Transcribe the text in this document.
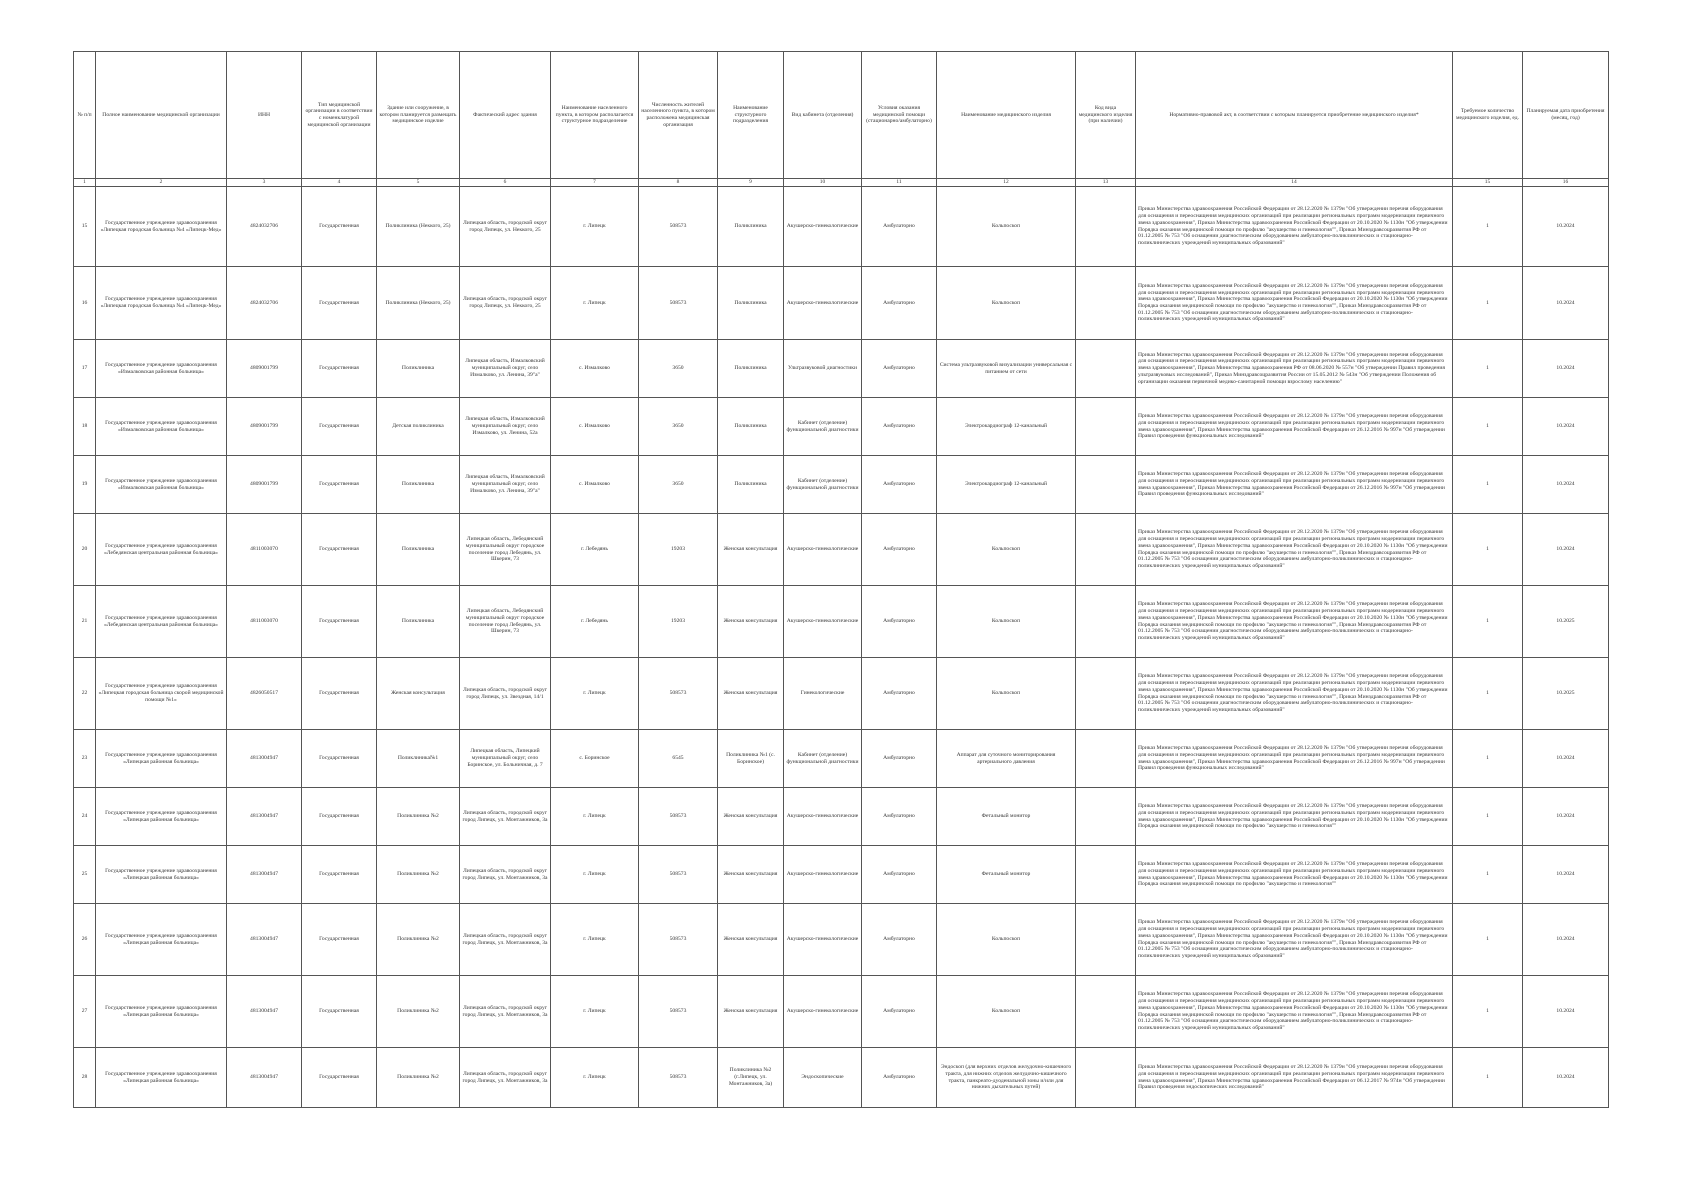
№ п/п	Полное наименование медицинской организации	ИНН	Тип медицинской организации в соответствии с номенклатурой медицинской организации	Здание или сооружение, в котором планируется размещать медицинское изделие	Фактический адрес здания	Наименование населенного пункта, в котором располагается структурное подразделение	Численность жителей населенного пункта, в котором расположена медицинская организация	Наименование структурного подразделения	Вид кабинета (отделения)	Условия оказания медицинской помощи (стационарно/амбулаторно)	Наименование медицинского изделия	Код вида медицинского изделия (при наличии)	Нормативно-правовой акт, в соответствии с которым планируется приобретение медицинского изделия*	Требуемое количество медицинского изделия, ед.	Планируемая дата приобретения (месяц, год)
1	2	3	4	5	6	7	8	9	10	11	12	13	14	15	16
15	Государственное учреждение здравоохранения «Липецкая городская больница №4 «Липецк-Мед»	4824032706	Государственная	Поликлиника (Неккого, 25)	Липецкая область, городской округ город Липецк, ул. Неккого, 25	г. Липецк	508573	Поликлиника	Акушерско-гинекологические	Амбулаторно	Кольпоскоп		Приказ Министерства здравоохранения Российской Федерации от 28.12.2020 № 1379н "Об утверждении перечня оборудования для оснащения и переоснащения медицинских организаций при реализации региональных программ модернизации первичного звена здравоохранения", Приказ Министерства здравоохранения Российской Федерации от 20.10.2020 № 1130н "Об утверждении Порядка оказания медицинской помощи по профилю "акушерство и гинекология"", Приказ Минздравсоцразвития РФ от 01.12.2005 № 753 "Об оснащении диагностическим оборудованием амбулаторно-поликлинических и стационарно-поликлинических учреждений муниципальных образований"	1	10.2024
16	Государственное учреждение здравоохранения «Липецкая городская больница №4 «Липецк-Мед»	4824032706	Государственная	Поликлиника (Неккого, 25)	Липецкая область, городской округ город Липецк, ул. Неккого, 25	г. Липецк	508573	Поликлиника	Акушерско-гинекологические	Амбулаторно	Кольпоскоп		Приказ Министерства здравоохранения Российской Федерации от 28.12.2020 № 1379н "Об утверждении перечня оборудования для оснащения и переоснащения медицинских организаций при реализации региональных программ модернизации первичного звена здравоохранения", Приказ Министерства здравоохранения Российской Федерации от 20.10.2020 № 1130н "Об утверждении Порядка оказания медицинской помощи по профилю "акушерство и гинекология"", Приказ Минздравсоцразвития РФ от 01.12.2005 № 753 "Об оснащении диагностическим оборудованием амбулаторно-поликлинических и стационарно-поликлинических учреждений муниципальных образований"	1	10.2024
17	Государственное учреждение здравоохранения «Измалковская районная больница»	4809001799	Государственная	Поликлиника	Липецкая область, Измалковский муниципальный округ, село Измалково, ул. Ленина, 39"а"	с. Измалково	3650	Поликлиника	Ультразвуковой диагностики	Амбулаторно	Система ультразвуковой визуализации универсальная с питанием от сети		Приказ Министерства здравоохранения Российской Федерации от 28.12.2020 № 1379н "Об утверждении перечня оборудования для оснащения и переоснащения медицинских организаций при реализации региональных программ модернизации первичного звена здравоохранения", Приказ Министерства здравоохранения РФ от 08.06.2020 № 557н "Об утверждении Правил проведения ультразвуковых исследований", Приказ Минздравсоцразвития России от 15.05.2012 № 543н "Об утверждении Положения об организации оказания первичной медико-санитарной помощи взрослому населению"	1	10.2024
18	Государственное учреждение здравоохранения «Измалковская районная больница»	4809001799	Государственная	Детская поликлиника	Липецкая область, Измалковский муниципальный округ, село Измалково, ул. Ленина, 52а	с. Измалково	3650	Поликлиника	Кабинет (отделение) функциональной диагностики	Амбулаторно	Электрокардиограф 12-канальный		Приказ Министерства здравоохранения Российской Федерации от 28.12.2020 № 1379н "Об утверждении перечня оборудования для оснащения и переоснащения медицинских организаций при реализации региональных программ модернизации первичного звена здравоохранения", Приказ Министерства здравоохранения Российской Федерации от 26.12.2016 № 997н "Об утверждении Правил проведения функциональных исследований"	1	10.2024
19	Государственное учреждение здравоохранения «Измалковская районная больница»	4809001799	Государственная	Поликлиника	Липецкая область, Измалковский муниципальный округ, село Измалково, ул. Ленина, 39"а"	с. Измалково	3650	Поликлиника	Кабинет (отделение) функциональной диагностики	Амбулаторно	Электрокардиограф 12-канальный		Приказ Министерства здравоохранения Российской Федерации от 28.12.2020 № 1379н "Об утверждении перечня оборудования для оснащения и переоснащения медицинских организаций при реализации региональных программ модернизации первичного звена здравоохранения", Приказ Министерства здравоохранения Российской Федерации от 26.12.2016 № 997н "Об утверждении Правил проведения функциональных исследований"	1	10.2024
20	Государственное учреждение здравоохранения «Лебедянская центральная районная больница»	4811003070	Государственная	Поликлиника	Липецкая область, Лебедянский муниципальный округ городское поселение город Лебедянь, ул. Шкерин, 73	г. Лебедянь	19203	Женская консультация	Акушерско-гинекологические	Амбулаторно	Кольпоскоп		Приказ Министерства здравоохранения Российской Федерации от 28.12.2020 № 1379н "Об утверждении перечня оборудования для оснащения и переоснащения медицинских организаций при реализации региональных программ модернизации первичного звена здравоохранения", Приказ Министерства здравоохранения Российской Федерации от 20.10.2020 № 1130н "Об утверждении Порядка оказания медицинской помощи по профилю "акушерство и гинекология"", Приказ Минздравсоцразвития РФ от 01.12.2005 № 753 "Об оснащении диагностическим оборудованием амбулаторно-поликлинических и стационарно-поликлинических учреждений муниципальных образований"	1	10.2024
21	Государственное учреждение здравоохранения «Лебедянская центральная районная больница»	4811003070	Государственная	Поликлиника	Липецкая область, Лебедянский муниципальный округ городское поселение город Лебедянь, ул. Шкерин, 73	г. Лебедянь	19203	Женская консультация	Акушерско-гинекологические	Амбулаторно	Кольпоскоп		Приказ Министерства здравоохранения Российской Федерации от 28.12.2020 № 1379н "Об утверждении перечня оборудования для оснащения и переоснащения медицинских организаций при реализации региональных программ модернизации первичного звена здравоохранения", Приказ Министерства здравоохранения Российской Федерации от 20.10.2020 № 1130н "Об утверждении Порядка оказания медицинской помощи по профилю "акушерство и гинекология"", Приказ Минздравсоцразвития РФ от 01.12.2005 № 753 "Об оснащении диагностическим оборудованием амбулаторно-поликлинических и стационарно-поликлинических учреждений муниципальных образований"	1	10.2025
22	Государственное учреждение здравоохранения «Липецкая городская больница скорой медицинской помощи №1»	4826050517	Государственная	Женская консультация	Липецкая область, городской округ город Липецк, ул. Звездная, 14/1	г. Липецк	508573	Женская консультация	Гинекологические	Амбулаторно	Кольпоскоп		Приказ Министерства здравоохранения Российской Федерации от 28.12.2020 № 1379н "Об утверждении перечня оборудования для оснащения и переоснащения медицинских организаций при реализации региональных программ модернизации первичного звена здравоохранения", Приказ Министерства здравоохранения Российской Федерации от 20.10.2020 № 1130н "Об утверждении Порядка оказания медицинской помощи по профилю "акушерство и гинекология"", Приказ Минздравсоцразвития РФ от 01.12.2005 № 753 "Об оснащении диагностическим оборудованием амбулаторно-поликлинических и стационарно-поликлинических учреждений муниципальных образований"	1	10.2025
23	Государственное учреждение здравоохранения «Липецкая районная больница»	4813004947	Государственная	Поликлиника№1	Липецкая область, Липецкий муниципальный округ, село Боринское, ул. Больничная, д. 7	с. Боринское	6545	Поликлиника №1 (с. Боринское)	Кабинет (отделение) функциональной диагностики	Амбулаторно	Аппарат для суточного мониторирования артериального давления		Приказ Министерства здравоохранения Российской Федерации от 28.12.2020 № 1379н "Об утверждении перечня оборудования для оснащения и переоснащения медицинских организаций при реализации региональных программ модернизации первичного звена здравоохранения", Приказ Министерства здравоохранения Российской Федерации от 26.12.2016 № 997н "Об утверждении Правил проведения функциональных исследований"	1	10.2024
24	Государственное учреждение здравоохранения «Липецкая районная больница»	4813004947	Государственная	Поликлиника №2	Липецкая область, городской округ город Липецк, ул. Монтажников, 3а	г. Липецк	508573	Женская консультация	Акушерско-гинекологические	Амбулаторно	Фетальный монитор		Приказ Министерства здравоохранения Российской Федерации от 28.12.2020 № 1379н "Об утверждении перечня оборудования для оснащения и переоснащения медицинских организаций при реализации региональных программ модернизации первичного звена здравоохранения", Приказ Министерства здравоохранения Российской Федерации от 20.10.2020 № 1130н "Об утверждении Порядка оказания медицинской помощи по профилю "акушерство и гинекология""	1	10.2024
25	Государственное учреждение здравоохранения «Липецкая районная больница»	4813004947	Государственная	Поликлиника №2	Липецкая область, городской округ город Липецк, ул. Монтажников, 3а	г. Липецк	508573	Женская консультация	Акушерско-гинекологические	Амбулаторно	Фетальный монитор		Приказ Министерства здравоохранения Российской Федерации от 28.12.2020 № 1379н "Об утверждении перечня оборудования для оснащения и переоснащения медицинских организаций при реализации региональных программ модернизации первичного звена здравоохранения", Приказ Министерства здравоохранения Российской Федерации от 20.10.2020 № 1130н "Об утверждении Порядка оказания медицинской помощи по профилю "акушерство и гинекология""	1	10.2024
26	Государственное учреждение здравоохранения «Липецкая районная больница»	4813004947	Государственная	Поликлиника №2	Липецкая область, городской округ город Липецк, ул. Монтажников, 3а	г. Липецк	508573	Женская консультация	Акушерско-гинекологические	Амбулаторно	Кольпоскоп		Приказ Министерства здравоохранения Российской Федерации от 28.12.2020 № 1379н "Об утверждении перечня оборудования для оснащения и переоснащения медицинских организаций при реализации региональных программ модернизации первичного звена здравоохранения", Приказ Министерства здравоохранения Российской Федерации от 20.10.2020 № 1130н "Об утверждении Порядка оказания медицинской помощи по профилю "акушерство и гинекология"", Приказ Минздравсоцразвития РФ от 01.12.2005 № 753 "Об оснащении диагностическим оборудованием амбулаторно-поликлинических и стационарно-поликлинических учреждений муниципальных образований"	1	10.2024
27	Государственное учреждение здравоохранения «Липецкая районная больница»	4813004947	Государственная	Поликлиника №2	Липецкая область, городской округ город Липецк, ул. Монтажников, 3а	г. Липецк	508573	Женская консультация	Акушерско-гинекологические	Амбулаторно	Кольпоскоп		Приказ Министерства здравоохранения Российской Федерации от 28.12.2020 № 1379н "Об утверждении перечня оборудования для оснащения и переоснащения медицинских организаций при реализации региональных программ модернизации первичного звена здравоохранения", Приказ Министерства здравоохранения Российской Федерации от 20.10.2020 № 1130н "Об утверждении Порядка оказания медицинской помощи по профилю "акушерство и гинекология"", Приказ Минздравсоцразвития РФ от 01.12.2005 № 753 "Об оснащении диагностическим оборудованием амбулаторно-поликлинических и стационарно-поликлинических учреждений муниципальных образований"	1	10.2024
28	Государственное учреждение здравоохранения «Липецкая районная больница»	4813004947	Государственная	Поликлиника №2	Липецкая область, городской округ город Липецк, ул. Монтажников, 3а	г. Липецк	508573	Поликлиника №2 (г.Липецк, ул. Монтажников, 3а)	Эндоскопические	Амбулаторно	Эндоскоп (для верхних отделов желудочно-кишечного тракта, для нижних отделов желудочно-кишечного тракта, панкреато-дуоденальной зоны и/или для нижних дыхательных путей)		Приказ Министерства здравоохранения Российской Федерации от 28.12.2020 № 1379н "Об утверждении перечня оборудования для оснащения и переоснащения медицинских организаций при реализации региональных программ модернизации первичного звена здравоохранения", Приказ Министерства здравоохранения Российской Федерации от 06.12.2017 № 974н "Об утверждении Правил проведения эндоскопических исследований"	1	10.2024
